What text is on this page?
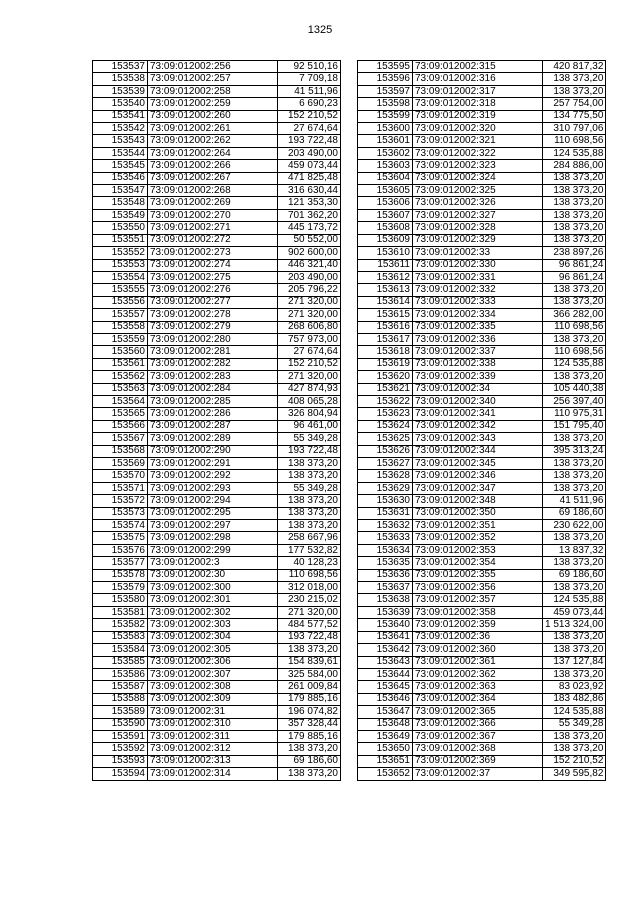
1325
153537	73:09:012002:256	92 510,16
153538	73:09:012002:257	7 709,18
153539	73:09:012002:258	41 511,96
153540	73:09:012002:259	6 690,23
153541	73:09:012002:260	152 210,52
153542	73:09:012002:261	27 674,64
153543	73:09:012002:262	193 722,48
153544	73:09:012002:264	203 490,00
153545	73:09:012002:266	459 073,44
153546	73:09:012002:267	471 825,48
153547	73:09:012002:268	316 630,44
153548	73:09:012002:269	121 353,30
153549	73:09:012002:270	701 362,20
153550	73:09:012002:271	445 173,72
153551	73:09:012002:272	50 552,00
153552	73:09:012002:273	902 600,00
153553	73:09:012002:274	446 321,40
153554	73:09:012002:275	203 490,00
153555	73:09:012002:276	205 796,22
153556	73:09:012002:277	271 320,00
153557	73:09:012002:278	271 320,00
153558	73:09:012002:279	268 606,80
153559	73:09:012002:280	757 973,00
153560	73:09:012002:281	27 674,64
153561	73:09:012002:282	152 210,52
153562	73:09:012002:283	271 320,00
153563	73:09:012002:284	427 874,93
153564	73:09:012002:285	408 065,28
153565	73:09:012002:286	326 804,94
153566	73:09:012002:287	96 461,00
153567	73:09:012002:289	55 349,28
153568	73:09:012002:290	193 722,48
153569	73:09:012002:291	138 373,20
153570	73:09:012002:292	138 373,20
153571	73:09:012002:293	55 349,28
153572	73:09:012002:294	138 373,20
153573	73:09:012002:295	138 373,20
153574	73:09:012002:297	138 373,20
153575	73:09:012002:298	258 667,96
153576	73:09:012002:299	177 532,82
153577	73:09:012002:3	40 128,23
153578	73:09:012002:30	110 698,56
153579	73:09:012002:300	312 018,00
153580	73:09:012002:301	230 215,02
153581	73:09:012002:302	271 320,00
153582	73:09:012002:303	484 577,52
153583	73:09:012002:304	193 722,48
153584	73:09:012002:305	138 373,20
153585	73:09:012002:306	154 839,61
153586	73:09:012002:307	325 584,00
153587	73:09:012002:308	261 009,84
153588	73:09:012002:309	179 885,16
153589	73:09:012002:31	196 074,82
153590	73:09:012002:310	357 328,44
153591	73:09:012002:311	179 885,16
153592	73:09:012002:312	138 373,20
153593	73:09:012002:313	69 186,60
153594	73:09:012002:314	138 373,20
153595	73:09:012002:315	420 817,32
153596	73:09:012002:316	138 373,20
153597	73:09:012002:317	138 373,20
153598	73:09:012002:318	257 754,00
153599	73:09:012002:319	134 775,50
153600	73:09:012002:320	310 797,06
153601	73:09:012002:321	110 698,56
153602	73:09:012002:322	124 535,88
153603	73:09:012002:323	284 886,00
153604	73:09:012002:324	138 373,20
153605	73:09:012002:325	138 373,20
153606	73:09:012002:326	138 373,20
153607	73:09:012002:327	138 373,20
153608	73:09:012002:328	138 373,20
153609	73:09:012002:329	138 373,20
153610	73:09:012002:33	238 897,26
153611	73:09:012002:330	96 861,24
153612	73:09:012002:331	96 861,24
153613	73:09:012002:332	138 373,20
153614	73:09:012002:333	138 373,20
153615	73:09:012002:334	366 282,00
153616	73:09:012002:335	110 698,56
153617	73:09:012002:336	138 373,20
153618	73:09:012002:337	110 698,56
153619	73:09:012002:338	124 535,88
153620	73:09:012002:339	138 373,20
153621	73:09:012002:34	105 440,38
153622	73:09:012002:340	256 397,40
153623	73:09:012002:341	110 975,31
153624	73:09:012002:342	151 795,40
153625	73:09:012002:343	138 373,20
153626	73:09:012002:344	395 313,24
153627	73:09:012002:345	138 373,20
153628	73:09:012002:346	138 373,20
153629	73:09:012002:347	138 373,20
153630	73:09:012002:348	41 511,96
153631	73:09:012002:350	69 186,60
153632	73:09:012002:351	230 622,00
153633	73:09:012002:352	138 373,20
153634	73:09:012002:353	13 837,32
153635	73:09:012002:354	138 373,20
153636	73:09:012002:355	69 186,60
153637	73:09:012002:356	138 373,20
153638	73:09:012002:357	124 535,88
153639	73:09:012002:358	459 073,44
153640	73:09:012002:359	1 513 324,00
153641	73:09:012002:36	138 373,20
153642	73:09:012002:360	138 373,20
153643	73:09:012002:361	137 127,84
153644	73:09:012002:362	138 373,20
153645	73:09:012002:363	83 023,92
153646	73:09:012002:364	183 482,86
153647	73:09:012002:365	124 535,88
153648	73:09:012002:366	55 349,28
153649	73:09:012002:367	138 373,20
153650	73:09:012002:368	138 373,20
153651	73:09:012002:369	152 210,52
153652	73:09:012002:37	349 595,82
